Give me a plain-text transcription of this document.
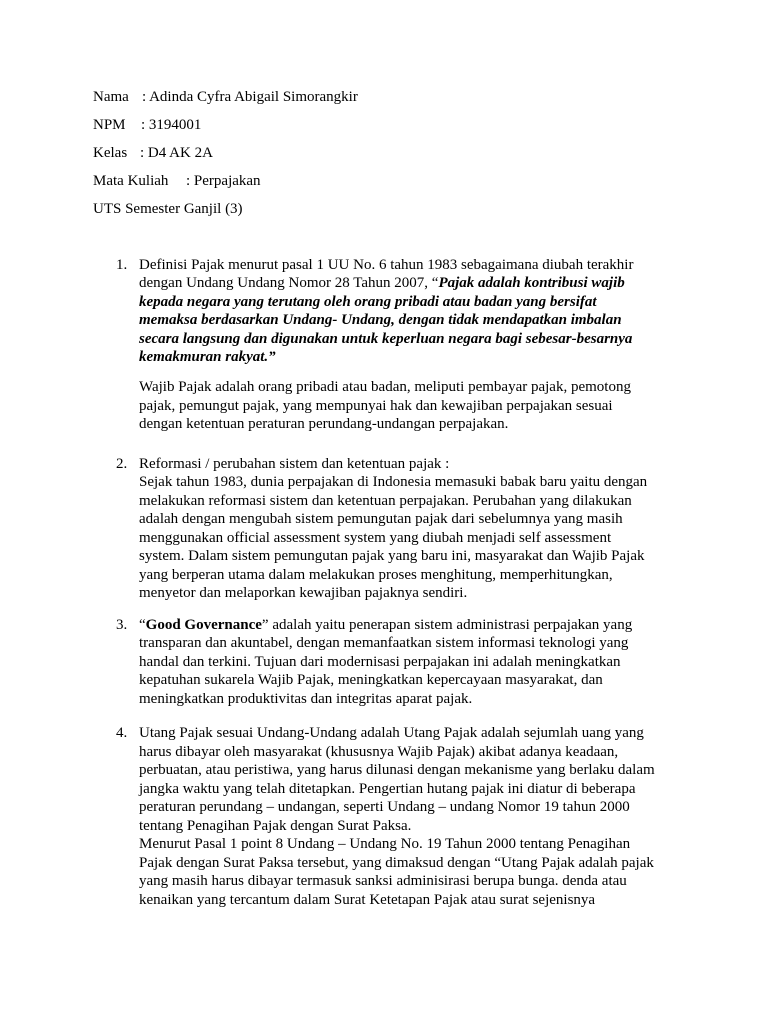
Nama : Adinda Cyfra Abigail Simorangkir
NPM : 3194001
Kelas : D4 AK 2A
Mata Kuliah : Perpajakan
UTS Semester Ganjil (3)
1. Definisi Pajak menurut pasal 1 UU No. 6 tahun 1983 sebagaimana diubah terakhir
dengan Undang Undang Nomor 28 Tahun 2007, “Pajak adalah kontribusi wajib
kepada negara yang terutang oleh orang pribadi atau badan yang bersifat
memaksa berdasarkan Undang- Undang, dengan tidak mendapatkan imbalan
secara langsung dan digunakan untuk keperluan negara bagi sebesar-besarnya
kemakmuran rakyat.”
Wajib Pajak adalah orang pribadi atau badan, meliputi pembayar pajak, pemotong
pajak, pemungut pajak, yang mempunyai hak dan kewajiban perpajakan sesuai
dengan ketentuan peraturan perundang-undangan perpajakan.
2. Reformasi / perubahan sistem dan ketentuan pajak :
Sejak tahun 1983, dunia perpajakan di Indonesia memasuki babak baru yaitu dengan
melakukan reformasi sistem dan ketentuan perpajakan. Perubahan yang dilakukan
adalah dengan mengubah sistem pemungutan pajak dari sebelumnya yang masih
menggunakan official assessment system yang diubah menjadi self assessment
system. Dalam sistem pemungutan pajak yang baru ini, masyarakat dan Wajib Pajak
yang berperan utama dalam melakukan proses menghitung, memperhitungkan,
menyetor dan melaporkan kewajiban pajaknya sendiri.
3. “Good Governance” adalah yaitu penerapan sistem administrasi perpajakan yang
transparan dan akuntabel, dengan memanfaatkan sistem informasi teknologi yang
handal dan terkini. Tujuan dari modernisasi perpajakan ini adalah meningkatkan
kepatuhan sukarela Wajib Pajak, meningkatkan kepercayaan masyarakat, dan
meningkatkan produktivitas dan integritas aparat pajak.
4. Utang Pajak sesuai Undang-Undang adalah Utang Pajak adalah sejumlah uang yang
harus dibayar oleh masyarakat (khususnya Wajib Pajak) akibat adanya keadaan,
perbuatan, atau peristiwa, yang harus dilunasi dengan mekanisme yang berlaku dalam
jangka waktu yang telah ditetapkan. Pengertian hutang pajak ini diatur di beberapa
peraturan perundang – undangan, seperti Undang – undang Nomor 19 tahun 2000
tentang Penagihan Pajak dengan Surat Paksa.
Menurut Pasal 1 point 8 Undang – Undang No. 19 Tahun 2000 tentang Penagihan
Pajak dengan Surat Paksa tersebut, yang dimaksud dengan “Utang Pajak adalah pajak
yang masih harus dibayar termasuk sanksi adminisirasi berupa bunga. denda atau
kenaikan yang tercantum dalam Surat Ketetapan Pajak atau surat sejenisnya
